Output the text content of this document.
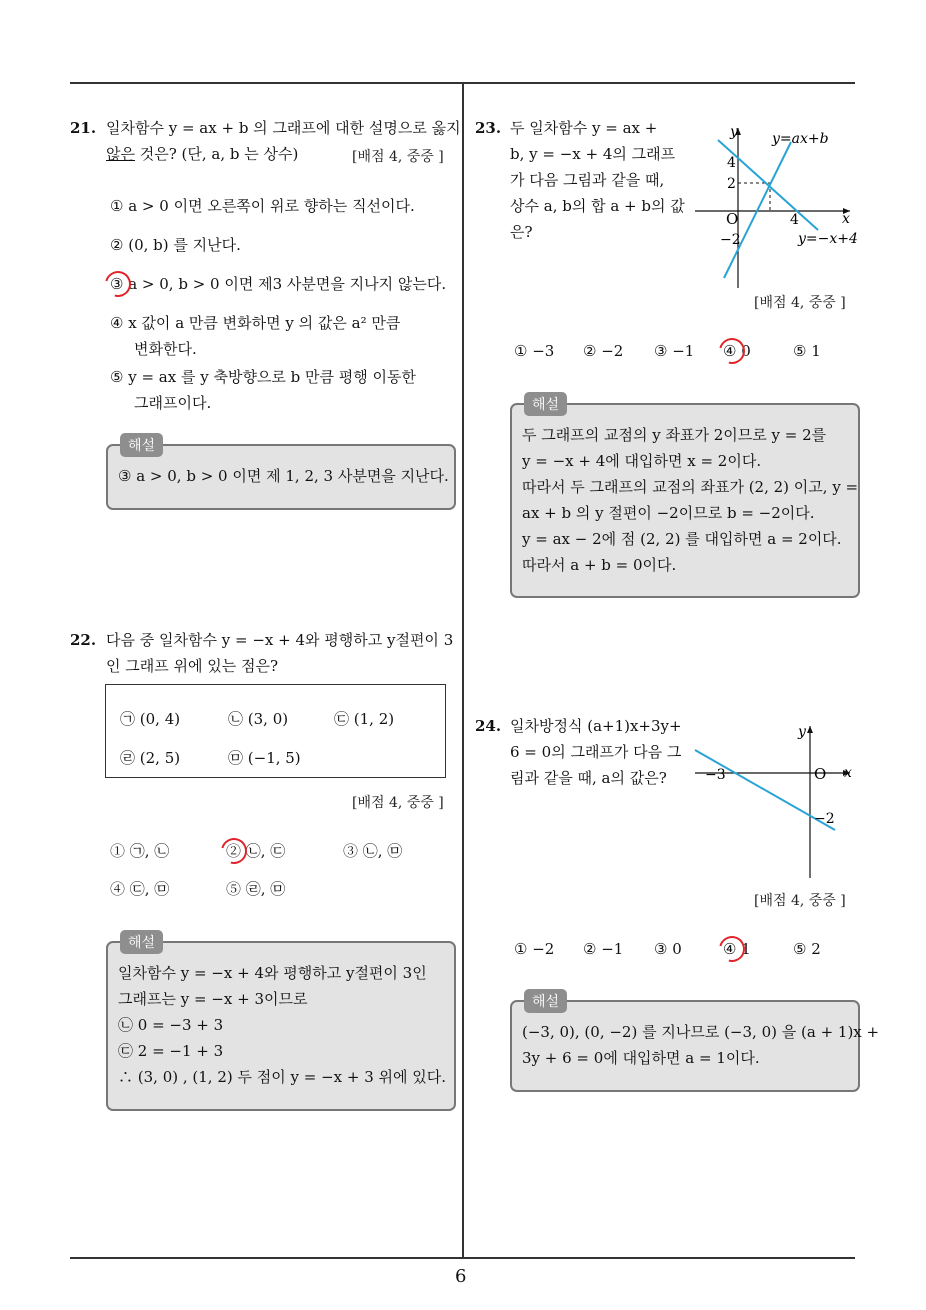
6
21. 일차함수 y = ax + b 의 그래프에 대한 설명으로 옳지
않은 것은? (단, a, b 는 상수)	[배점 4, 중중 ]
① a > 0 이면 오른쪽이 위로 향하는 직선이다.
② (0, b) 를 지난다.
③ a > 0, b > 0 이면 제3 사분면을 지나지 않는다.
④ x 값이 a 만큼 변화하면 y 의 값은 a² 만큼
변화한다.
⑤ y = ax 를 y 축방향으로 b 만큼 평행 이동한
그래프이다.
해설
③ a > 0, b > 0 이면 제 1, 2, 3 사분면을 지난다.
22. 다음 중 일차함수 y = −x + 4와 평행하고 y절편이 3
인 그래프 위에 있는 점은?
㉠ (0, 4)	㉡ (3, 0)	㉢ (1, 2)
㉣ (2, 5)	㉤ (−1, 5)
[배점 4, 중중 ]
① ㉠, ㉡	② ㉡, ㉢	③ ㉡, ㉤
④ ㉢, ㉤	⑤ ㉣, ㉤
해설
일차함수 y = −x + 4와 평행하고 y절편이 3인
그래프는 y = −x + 3이므로
㉡ 0 = −3 + 3
㉢ 2 = −1 + 3
∴ (3, 0) , (1, 2) 두 점이 y = −x + 3 위에 있다.
23. 두 일차함수 y = ax +
b, y = −x + 4의 그래프
가 다음 그림과 같을 때,
상수 a, b의 합 a + b의 값
은?
y
x
O
4
2
4
−2
y=ax+b
y=−x+4
[배점 4, 중중 ]
① −3 ② −2 ③ −1 ④ 0	⑤ 1
해설
두 그래프의 교점의 y 좌표가 2이므로 y = 2를
y = −x + 4에 대입하면 x = 2이다.
따라서 두 그래프의 교점의 좌표가 (2, 2) 이고, y =
ax + b 의 y 절편이 −2이므로 b = −2이다.
y = ax − 2에 점 (2, 2) 를 대입하면 a = 2이다.
따라서 a + b = 0이다.
24. 일차방정식 (a+1)x+3y+
6 = 0의 그래프가 다음 그
림과 같을 때, a의 값은?
y
x
O
−3
−2
[배점 4, 중중 ]
① −2 ② −1 ③ 0	④ 1	⑤ 2
해설
(−3, 0), (0, −2) 를 지나므로 (−3, 0) 을 (a + 1)x +
3y + 6 = 0에 대입하면 a = 1이다.
